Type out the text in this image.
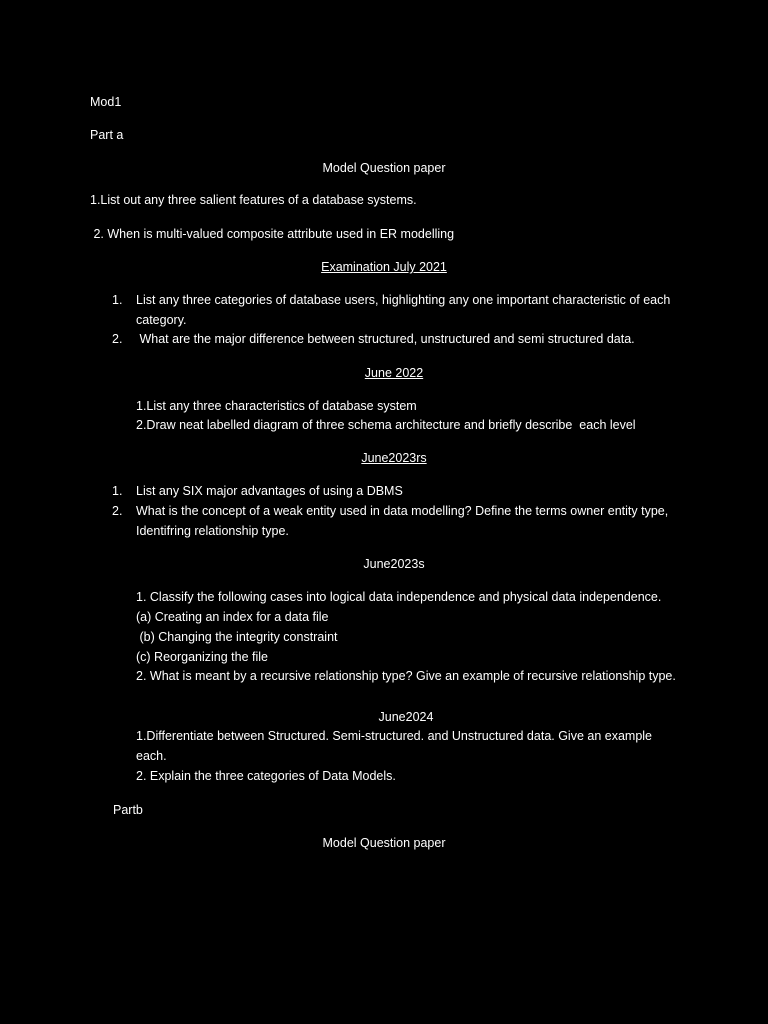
Mod1
Part a
Model Question paper
1.List out any three salient features of a database systems.
2. When is multi-valued composite attribute used in ER modelling
Examination July 2021
1. List any three categories of database users, highlighting any one important characteristic of each category.
2. What are the major difference between structured, unstructured and semi structured data.
June 2022
1.List any three characteristics of database system
2.Draw neat labelled diagram of three schema architecture and briefly describe  each level
June2023rs
1. List any SIX major advantages of using a DBMS
2. What is the concept of a weak entity used in data modelling? Define the terms owner entity type, Identifring relationship type.
June2023s
1. Classify the following cases into logical data independence and physical data independence.
(a) Creating an index for a data file
(b) Changing the integrity constraint
(c) Reorganizing the file
2. What is meant by a recursive relationship type? Give an example of recursive relationship type.
June2024
1.Differentiate between Structured. Semi-structured. and Unstructured data. Give an example each.
2. Explain the three categories of Data Models.
Partb
Model Question paper
